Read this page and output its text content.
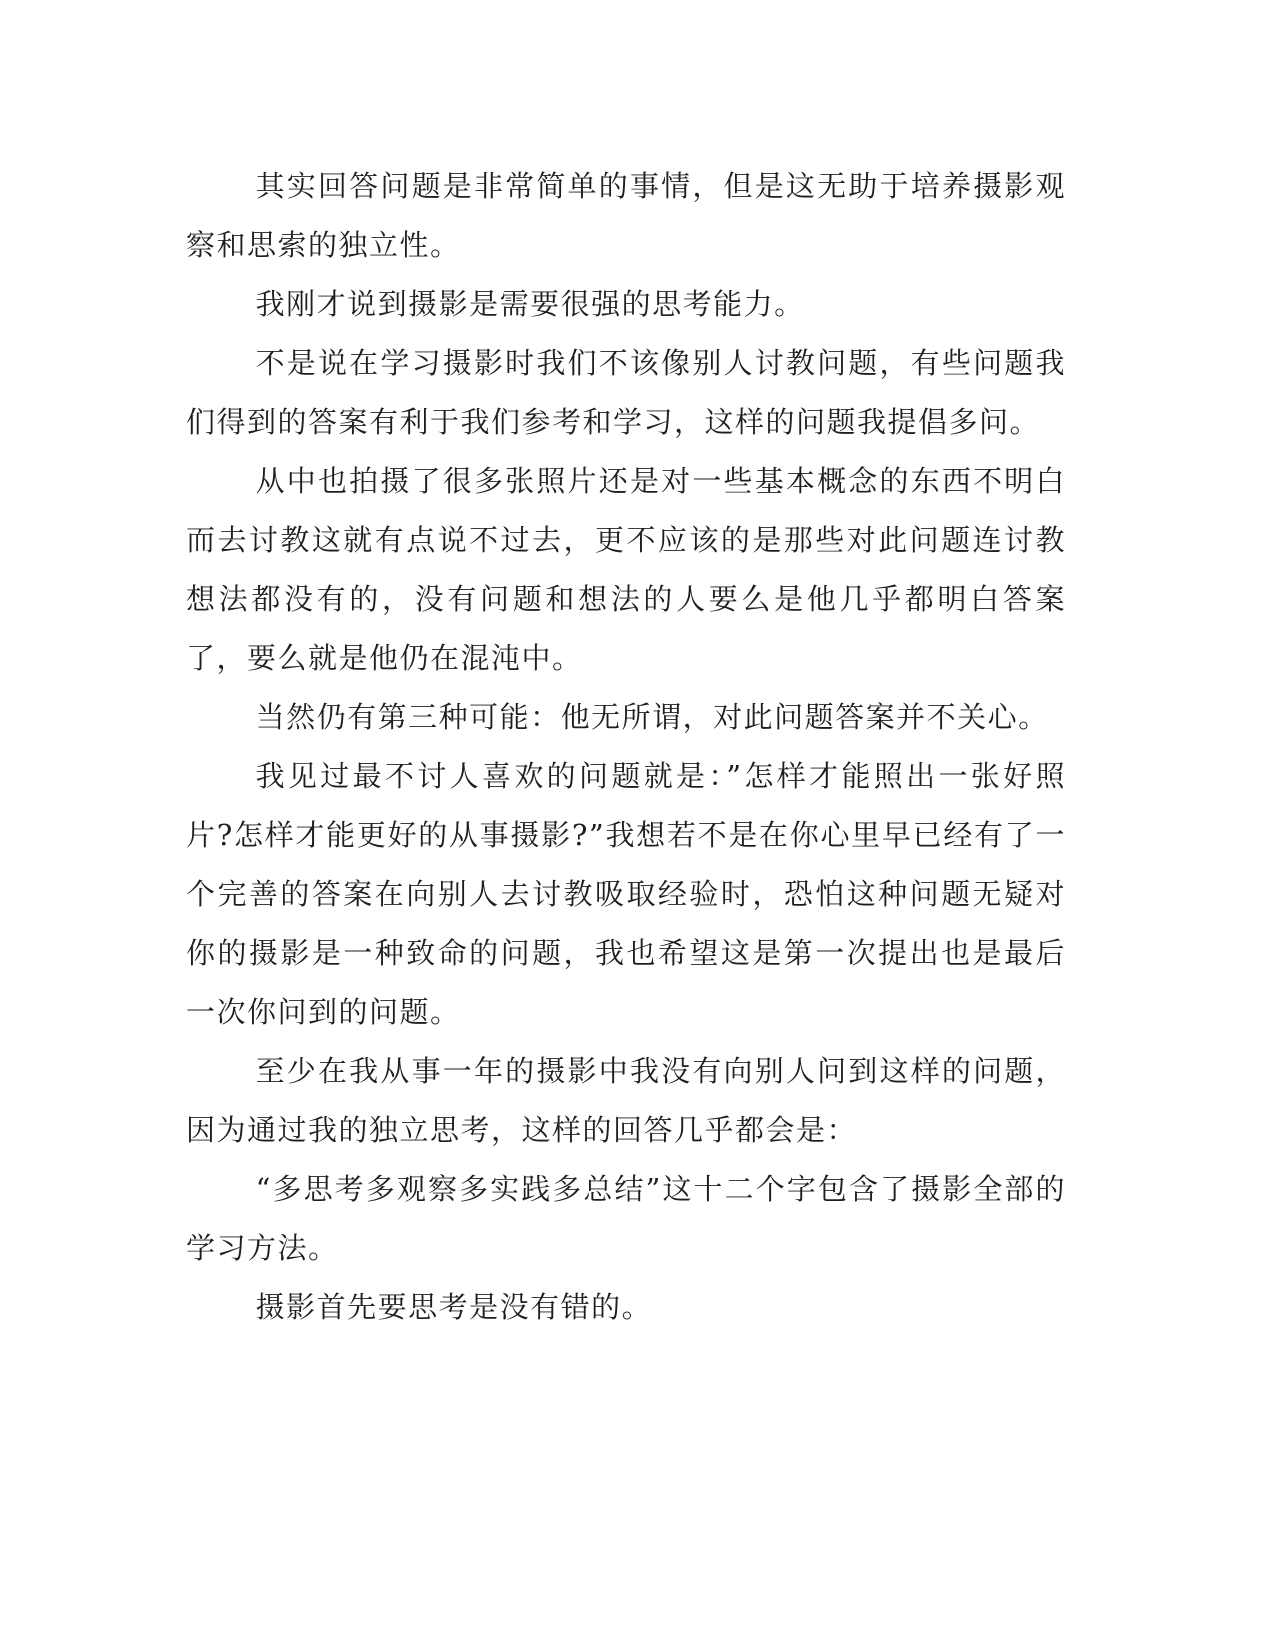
其实回答问题是非常简单的事情，但是这无助于培养摄影观察和思索的独立性。

我刚才说到摄影是需要很强的思考能力。

不是说在学习摄影时我们不该像别人讨教问题，有些问题我们得到的答案有利于我们参考和学习，这样的问题我提倡多问。

从中也拍摄了很多张照片还是对一些基本概念的东西不明白而去讨教这就有点说不过去，更不应该的是那些对此问题连讨教想法都没有的，没有问题和想法的人要么是他几乎都明白答案了，要么就是他仍在混沌中。

当然仍有第三种可能：他无所谓，对此问题答案并不关心。

我见过最不讨人喜欢的问题就是：”怎样才能照出一张好照片?怎样才能更好的从事摄影?”我想若不是在你心里早已经有了一个完善的答案在向别人去讨教吸取经验时，恐怕这种问题无疑对你的摄影是一种致命的问题，我也希望这是第一次提出也是最后一次你问到的问题。

至少在我从事一年的摄影中我没有向别人问到这样的问题，因为通过我的独立思考，这样的回答几乎都会是：

“多思考多观察多实践多总结”这十二个字包含了摄影全部的学习方法。

摄影首先要思考是没有错的。
